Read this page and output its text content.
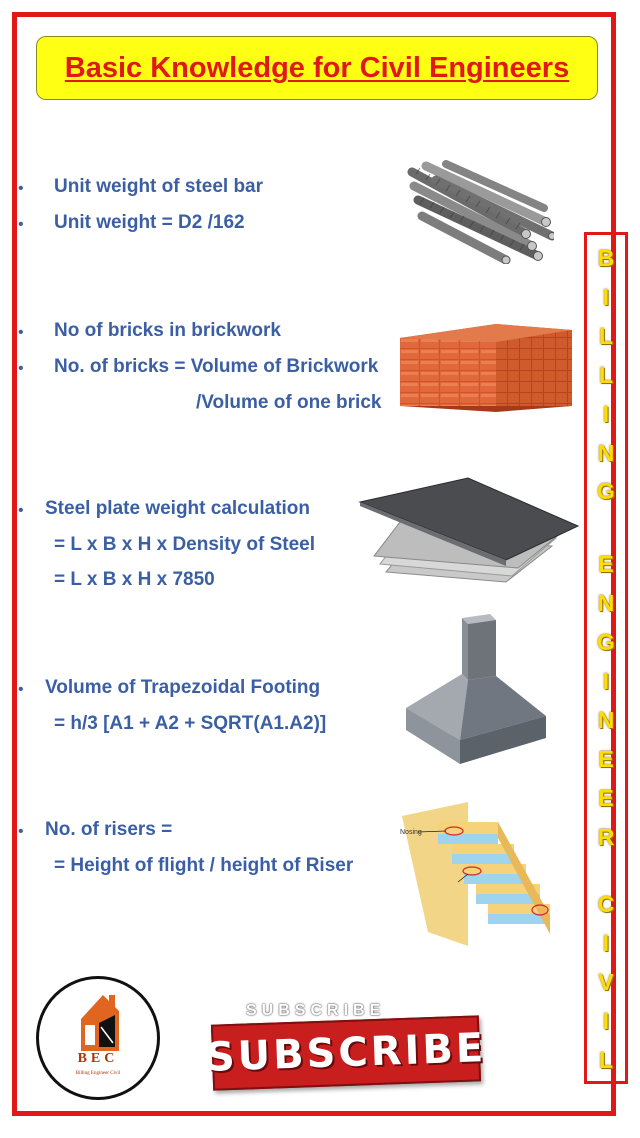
Basic Knowledge for Civil Engineers
• Unit weight of steel bar
• Unit weight = D2 /162
• No of bricks in brickwork
• No. of bricks = Volume of Brickwork
/Volume of one brick
• Steel plate weight calculation
= L x B x H x Density of Steel
= L x B x H x 7850
• Volume of Trapezoidal Footing
= h/3 [A1 + A2 + SQRT(A1.A2)]
• No. of risers =
= Height of flight / height of Riser
Nosing
B
I
L
L
I
N
G
E
N
G
I
N
E
E
R
C
I
V
I
L
BEC
Billing Engineer Civil
SUBSCRIBE
SUBSCRIBE
